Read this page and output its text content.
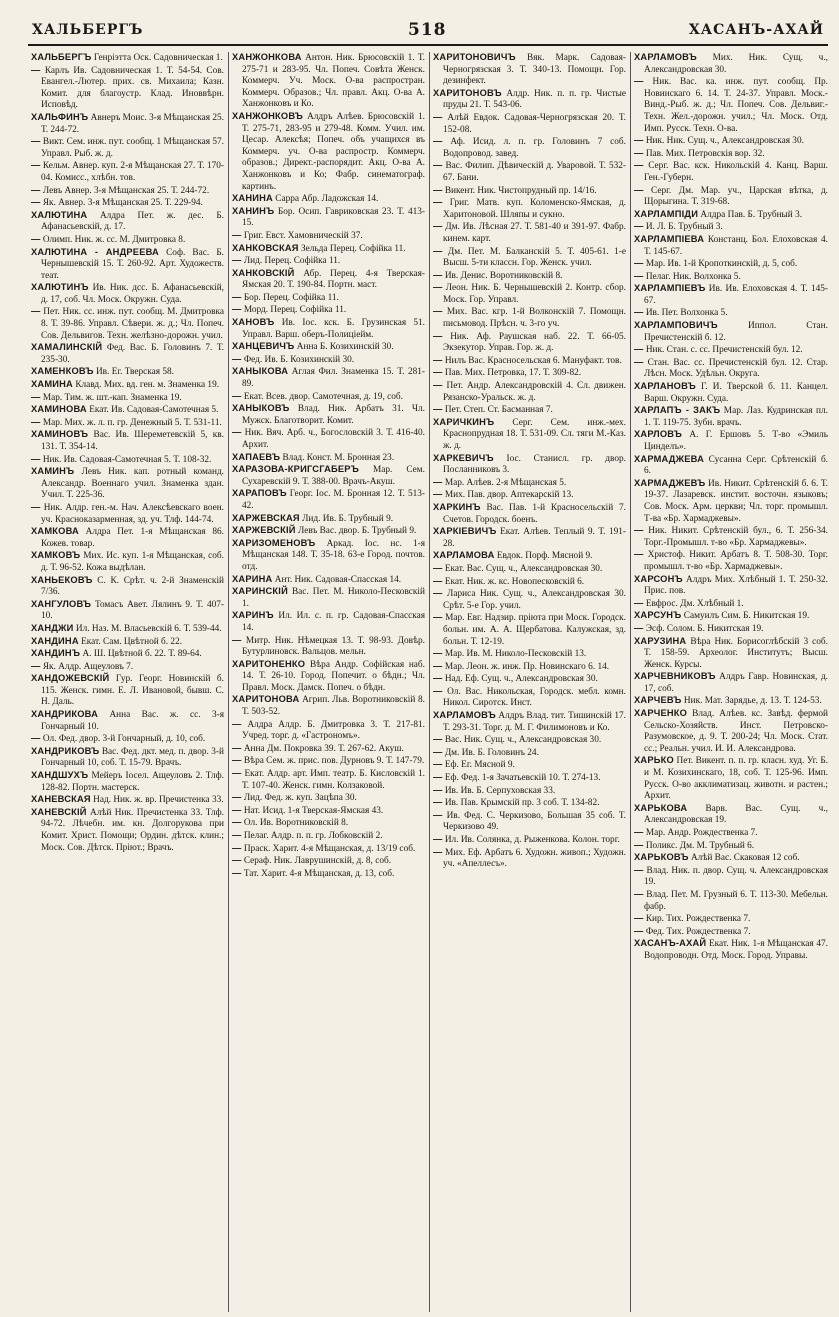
ХАЛЬБЕРГЪ	518	ХАСАНЪ-АХАЙ
ХАЛЬБЕРГЪ Генріэтта Оск. Садовническая 1.
— Карлъ Ив. Садовническая 1. Т. 54-54. Сов. Евангел.-Лютер. прих. св. Михаила; Казн. Комит. для благоустр. Клад. Иноввѣрн. Исповѣд.
ХАЛЬФИНЪ Авнеръ Моис. 3-я Мѣщанская 25. Т. 244-72.
— Викт. Сем. инж. пут. сообщ. 1 Мѣщанская 57. Управл. Рыб. ж. д.
— Кельм. Авнер. куп. 2-я Мѣщанская 27. Т. 170-04. Комисс., хлѣбн. тов.
— Левъ Авнер. 3-я Мѣщанская 25. Т. 244-72.
— Як. Авнер. 3-я Мѣщанская 25. Т. 229-94.
ХАЛЮТИНА Алдра Пет. ж. дес. Б. Афанасьевскій, д. 17.
— Олимп. Ник. ж. сс. М. Дмитровка 8.
ХАЛЮТИНА - АНДРЕЕВА Соф. Вас. Б. Чернышевскій 15. Т. 260-92. Арт. Художеств. теат.
ХАЛЮТИНЪ Ив. Ник. дсс. Б. Афанасьевскій, д. 17, соб. Чл. Моск. Окружн. Суда.
— Пет. Ник. сс. инж. пут. сообщ. М. Дмитровка 8. Т. 39-86. Управл. Сѣвери. ж. д.; Чл. Попеч. Сов. Дельвигов. Техн. желѣзно-дорожн. учил.
ХАМАЛИНСКІЙ Фед. Вас. Б. Головинъ 7. Т. 235-30.
ХАМЕНКОВЪ Ив. Ег. Тверская 58.
ХАМИНА Клавд. Мих. вд. ген. м. Знаменка 19.
— Мар. Тим. ж. шт.-кап. Знаменка 19.
ХАМИНОВА Екат. Ив. Садовая-Самотечная 5.
— Мар. Мих. ж. л. п. гр. Денежный 5. Т. 531-11.
ХАМИНОВЪ Вас. Ив. Шереметевскій 5, кв. 131. Т. 354-14.
— Ник. Ив. Садовая-Самотечная 5. Т. 108-32.
ХАМИНЪ Левъ Ник. кап. ротный команд. Александр. Военнаго учил. Знаменка здан. Учил. Т. 225-36.
— Ник. Алдр. ген.-м. Нач. Алексѣевскаго воен. уч. Красноказарменная, зд. уч. Тлф. 144-74.
ХАМКОВА Алдра Пет. 1-я Мѣщанская 86. Кожев. товар.
ХАМКОВЪ Мих. Ис. куп. 1-я Мѣщанская, соб. д. Т. 96-52. Кожа выдѣлан.
ХАНЬЕКОВЪ С. К. Срѣт. ч. 2-й Знаменскій 7/36.
ХАНГУЛОВЪ Томасъ Авет. Лялинъ 9. Т. 407-10.
ХАНДЖИ Ил. Наз. М. Власьевскій 6. Т. 539-44.
ХАНДИНА Екат. Сам. Цвѣтной б. 22.
ХАНДИНЪ А. Ш. Цвѣтной б. 22. Т. 89-64.
— Як. Алдр. Ащеуловъ 7.
ХАНДОЖЕВСКІЙ Гур. Георг. Новинскій б. 115. Женск. гимн. Е. Л. Ивановой, бывш. С. Н. Даль.
ХАНДРИКОВА Анна Вас. ж. сс. 3-я Гончарный 10.
— Ол. Фед. двор. 3-й Гончарный, д. 10, соб.
ХАНДРИКОВЪ Вас. Фед. дкт. мед. п. двор. 3-й Гончарный 10, соб. Т. 15-79. Врачъ.
ХАНДШУХЪ Мейеръ Іосел. Ащеуловъ 2. Тлф. 128-82. Портн. мастерск.
ХАНЕВСКАЯ Над. Ник. ж. вр. Пречистенка 33.
ХАНЕВСКІЙ Алѣй Ник. Пречистенка 33. Тлф. 94-72. Лѣчебн. им. кн. Долгорукова при Комит. Христ. Помощи; Ордин. дѣтск. клин.; Моск. Сов. Дѣтск. Пріют.; Врачъ.
ХАНЖОНКОВА Антон. Ник. Брюсовскій 1. Т. 275-71 и 283-95. Чл. Попеч. Совѣта Женск. Коммерч. Уч. Моск. О-ва распростран. Коммерч. Образов.; Чл. правл. Акц. О-ва А. Ханжонковъ и Ко.
ХАНЖОНКОВЪ Алдръ Алѣев. Брюсовскій 1. Т. 275-71, 283-95 и 279-48. Комм. Учил. им. Цесар. Алексѣя; Попеч. объ учащихся въ Коммерч. уч. О-ва распростр. Коммерч. образов.; Директ.-распорядит. Акц. О-ва А. Ханжонковъ и Ко; Фабр. синематограф. картинъ.
ХАНИНА Сарра Абр. Ладожская 14.
ХАНИНЪ Бор. Осип. Гавриковская 23. Т. 413-15.
— Григ. Евст. Хамовническій 37.
ХАНКОВСКАЯ Зельда Перец. Софійка 11.
— Лид. Перец. Софійка 11.
ХАНКОВСКІЙ Абр. Перец. 4-я Тверская-Ямская 20. Т. 190-84. Портн. маст.
— Бор. Перец. Софійка 11.
— Морд. Перец. Софійка 11.
ХАНОВЪ Ив. Іос. кск. Б. Грузинская 51. Управл. Варш. оберъ-Полиціейм.
ХАНЦЕВИЧЪ Анна Б. Козихинскій 30.
— Фед. Ив. Б. Козихинскій 30.
ХАНЫКОВА Аглая Фил. Знаменка 15. Т. 281-89.
— Екат. Всев. двор. Самотечная, д. 19, соб.
ХАНЫКОВЪ Влад. Ник. Арбатъ 31. Чл. Мужск. Благотворит. Комит.
— Ник. Вяч. Арб. ч., Богословскій 3. Т. 416-40. Архит.
ХАПАЕВЪ Влад. Конст. М. Бронная 23.
ХАРАЗОВА-КРИГСГАБЕРЪ Мар. Сем. Сухаревскій 9. Т. 388-00. Врачъ-Акуш.
ХАРАПОВЪ Георг. Іос. М. Бронная 12. Т. 513-42.
ХАРЖЕВСКАЯ Лид. Ив. Б. Трубный 9.
ХАРЖЕВСКІЙ Левъ Вас. двор. Б. Трубный 9.
ХАРИЗОМЕНОВЪ Аркад. Іос. нс. 1-я Мѣщанская 148. Т. 35-18. 63-е Город. почтов. отд.
ХАРИНА Ант. Ник. Садовая-Спасская 14.
ХАРИНСКІЙ Вас. Пет. М. Николо-Песковскій 1.
ХАРИНЪ Ил. Ил. с. п. гр. Садовая-Спасская 14.
— Митр. Ник. Нѣмецкая 13. Т. 98-93. Довѣр. Бутурлиновск. Вальцов. мельн.
ХАРИТОНЕНКО Вѣра Андр. Софійская наб. 14. Т. 26-10. Город. Попечит. о бѣдн.; Чл. Правл. Моск. Дамск. Попеч. о бѣдн.
ХАРИТОНОВА Агрип. Льв. Воротниковскій 8. Т. 503-52.
— Алдра Алдр. Б. Дмитровка 3. Т. 217-81. Учред. торг. д. «Гастрономъ».
— Анна Дм. Покровка 39. Т. 267-62. Акуш.
— Вѣра Сем. ж. прис. пов. Дурновъ 9. Т. 147-79.
— Екат. Алдр. арт. Имп. театр. Б. Кисловскій 1. Т. 107-40. Женск. гимн. Колзаковой.
— Лид. Фед. ж. куп. Зацѣпа 30.
— Нат. Исид. 1-я Тверская-Ямская 43.
— Ол. Ив. Воротниковскій 8.
— Пелаг. Алдр. п. п. гр. Лобковскій 2.
— Праск. Харит. 4-я Мѣщанская, д. 13/19 соб.
— Сераф. Ник. Лаврушинскій, д. 8, соб.
— Тат. Харит. 4-я Мѣщанская, д. 13, соб.
ХАРИТОНОВИЧЪ Вяк. Марк. Садовая-Черногрязская 3. Т. 340-13. Помощн. Гор. дезинфект.
ХАРИТОНОВЪ Алдр. Ник. п. п. гр. Чистые пруды 21. Т. 543-06.
— Алѣй Евдок. Садовая-Черногрязская 20. Т. 152-08.
— Аф. Исид. л. п. гр. Головинъ 7 соб. Водопровод. завед.
— Вас. Филип. Дѣвическій д. Уваровой. Т. 532-67. Бани.
— Викент. Ник. Чистопрудный пр. 14/16.
— Григ. Матв. куп. Коломенско-Ямская, д. Харитоновой. Шляпы и сукно.
— Дм. Ив. Лѣсная 27. Т. 581-40 и 391-97. Фабр. кинем. карт.
— Дм. Пет. М. Балканскій 5. Т. 405-61. 1-е Высш. 5-ти классн. Гор. Женск. учил.
— Ив. Денис. Воротниковскій 8.
— Леон. Ник. Б. Чернышевскій 2. Контр. сбор. Моск. Гор. Управл.
— Мих. Вас. кгр. 1-й Волконскій 7. Помощн. письмовод. Прѣсн. ч. 3-го уч.
— Ник. Аф. Раушская наб. 22. Т. 66-05. Экзекутор. Управ. Гор. ж. д.
— Нилъ Вас. Красносельская 6. Мануфакт. тов.
— Пав. Мих. Петровка, 17. Т. 309-82.
— Пет. Андр. Александровскій 4. Сл. движен. Рязанско-Уральск. ж. д.
— Пет. Степ. Ст. Басманная 7.
ХАРИЧКИНЪ Серг. Сем. инж.-мех. Краснопрудная 18. Т. 531-09. Сл. тяги М.-Каз. ж. д.
ХАРКЕВИЧЪ Іос. Станисл. гр. двор. Посланниковъ 3.
— Мар. Алѣев. 2-я Мѣщанская 5.
— Мих. Пав. двор. Аптекарскій 13.
ХАРКИНЪ Вас. Пав. 1-й Красносельскій 7. Счетов. Городск. боенъ.
ХАРКІЕВИЧЪ Екат. Алѣев. Теплый 9. Т. 191-28.
ХАРЛАМОВА Евдок. Порф. Мясной 9.
— Екат. Вас. Сущ. ч., Александровская 30.
— Екат. Ник. ж. кс. Новопесковскій 6.
— Лариса Ник. Сущ. ч., Александровская 30. Срѣт. 5-е Гор. учил.
— Мар. Евг. Надзир. пріюта при Моск. Городск. больн. им. А. А. Щербатова. Калужская, зд. больн. Т. 12-19.
— Мар. Ив. М. Николо-Песковскій 13.
— Мар. Леон. ж. инж. Пр. Новинскаго 6. 14.
— Над. Еф. Сущ. ч., Александровская 30.
— Ол. Вас. Никольская, Городск. мебл. комн. Никол. Сиротск. Инст.
ХАРЛАМОВЪ Алдръ Влад. тит. Тишинскій 17. Т. 293-31. Торг. д. М. Г. Филимоновъ и Ко.
— Вас. Ник. Сущ. ч., Александровская 30.
— Дм. Ив. Б. Головинъ 24.
— Еф. Ег. Мясной 9.
— Еф. Фед. 1-я Зачатьевскій 10. Т. 274-13.
— Ив. Ив. Б. Серпуховская 33.
— Ив. Пав. Крымскій пр. 3 соб. Т. 134-82.
— Ив. Фед. С. Черкизово, Большая 35 соб. Т. Черкизово 49.
— Ил. Ив. Солянка, д. Рыженкова. Колон. торг.
— Мих. Еф. Арбатъ 6. Художн. живоп.; Художн. уч. «Апеллесъ».
ХАРЛАМОВЪ Мих. Ник. Сущ. ч., Александровская 30.
— Ник. Вас. ка. инж. пут. сообщ. Пр. Новинскаго 6. 14. Т. 24-37. Управл. Моск.-Винд.-Рыб. ж. д.; Чл. Попеч. Сов. Дельвиг.-Техн. Жел.-дорожн. учил.; Чл. Моск. Отд. Имп. Русск. Техн. О-ва.
— Ник. Ник. Сущ. ч., Александровская 30.
— Пав. Мих. Петровскія вор. 32.
— Серг. Вас. кск. Никольскій 4. Канц. Варш. Ген.-Губерн.
— Серг. Дм. Мар. уч., Царская вѣтка, д. Щорыгина. Т. 319-68.
ХАРЛАМПІДИ Алдра Пав. Б. Трубный 3.
— И. Л. Б. Трубный 3.
ХАРЛАМПІЕВА Констанц. Бол. Елоховская 4. Т. 145-67.
— Мар. Ив. 1-й Кропоткинскій, д. 5, соб.
— Пелаг. Ник. Волхонка 5.
ХАРЛАМПІЕВЪ Ив. Ив. Елоховская 4. Т. 145-67.
— Ив. Пет. Волхонка 5.
ХАРЛАМПОВИЧЪ	Иппол. Стан. Пречистенскій б. 12.
— Ник. Стан. с. сс. Пречистенскій бул. 12.
— Стан. Вас. сс. Пречистенскій бул. 12. Стар. Лѣсн. Моск. Удѣльн. Округа.
ХАРЛАНОВЪ Г. И. Тверской б. 11. Канцел. Варш. Окружн. Суда.
ХАРЛАПЪ - ЗАКЪ Мар. Лаз. Кудринская пл. 1. Т. 119-75. Зубн. врачъ.
ХАРЛОВЪ А. Г. Ершовъ 5. Т-во «Эмиль Цинделъ».
ХАРМАДЖЕВА Сусанна Серг. Срѣтенскій б. 6.
ХАРМАДЖЕВЪ Ив. Никит. Срѣтенскій б. 6. Т. 19-37. Лазаревск. инстит. восточн. языковъ; Сов. Моск. Арм. церкви; Чл. торг. промышл. Т-ва «Бр. Хармаджевы».
— Ник. Никит. Срѣтенскій бул., 6. Т. 256-34. Торг.-Промышл. т-во «Бр. Хармаджевы».
— Христоф. Никит. Арбатъ 8. Т. 508-30. Торг. промышл. т-во «Бр. Хармаджевы».
ХАРСОНЪ Алдръ Мих. Хлѣбный 1. Т. 250-32. Прис. пов.
— Евфрос. Дм. Хлѣбный 1.
ХАРСУНЪ Самуилъ Сим. Б. Никитская 19.
— Эсф. Солом. Б. Никитская 19.
ХАРУЗИНА Вѣра Ник. Борисоглѣбскій 3 соб. Т. 158-59. Археолог. Институтъ; Высш. Женск. Курсы.
ХАРЧЕВНИКОВЪ Алдръ Гавр. Новинская, д. 17, соб.
ХАРЧЕВЪ Ник. Мат. Зарядье, д. 13. Т. 124-53.
ХАРЧЕНКО Влад. Алѣев. кс. Завѣд. фермой Сельско-Хозяйств. Инст. Петровско-Разумовское, д. 9. Т. 200-24; Чл. Моск. Стат. сс.; Реальн. учил. И. И. Александрова.
ХАРЬКО Пет. Викент. п. п. гр. класн. худ. Уг. Б. и М. Козихинскаго, 18, соб. Т. 125-96. Имп. Русск. О-во акклиматизац. животн. и растен.; Архит.
ХАРЬКОВА Варв. Вас. Сущ. ч., Александровская 19.
— Мар. Андр. Рождественка 7.
— Поликс. Дм. М. Трубный 6.
ХАРЬКОВЪ Алѣй Вас. Скаковая 12 соб.
— Влад. Ник. п. двор. Сущ. ч. Александровская 19.
— Влад. Пет. М. Грузный 6. Т. 113-30. Мебельн. фабр.
— Кир. Тих. Рождественка 7.
— Фед. Тих. Рождественка 7.
ХАСАНЪ-АХАЙ Екат. Ник. 1-я Мѣщанская 47. Водопроводн. Отд. Моск. Город. Управы.
